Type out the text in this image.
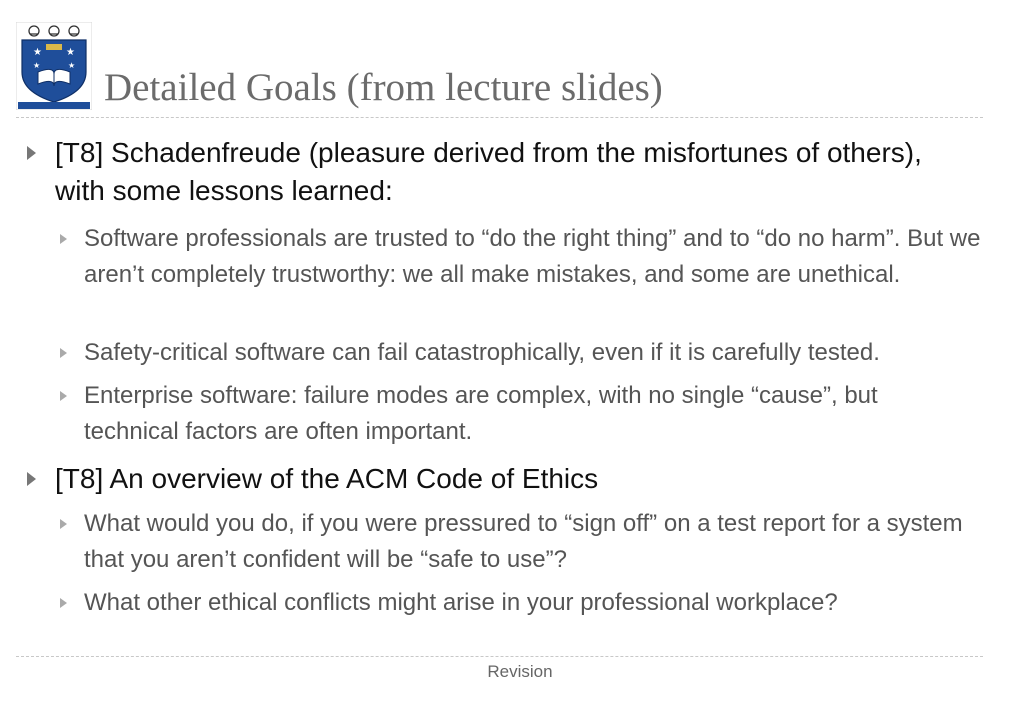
★ ★
★	★
Detailed Goals (from lecture slides)
[T8] Schadenfreude (pleasure derived from the misfortunes of others), with some lessons learned:
Software professionals are trusted to “do the right thing” and to “do no harm”. But we aren’t completely trustworthy: we all make mistakes, and some are unethical.
Safety-critical software can fail catastrophically, even if it is carefully tested.
Enterprise software: failure modes are complex, with no single “cause”, but technical factors are often important.
[T8] An overview of the ACM Code of Ethics
What would you do, if you were pressured to “sign off” on a test report for a system that you aren’t confident will be “safe to use”?
What other ethical conflicts might arise in your professional workplace?
Revision
